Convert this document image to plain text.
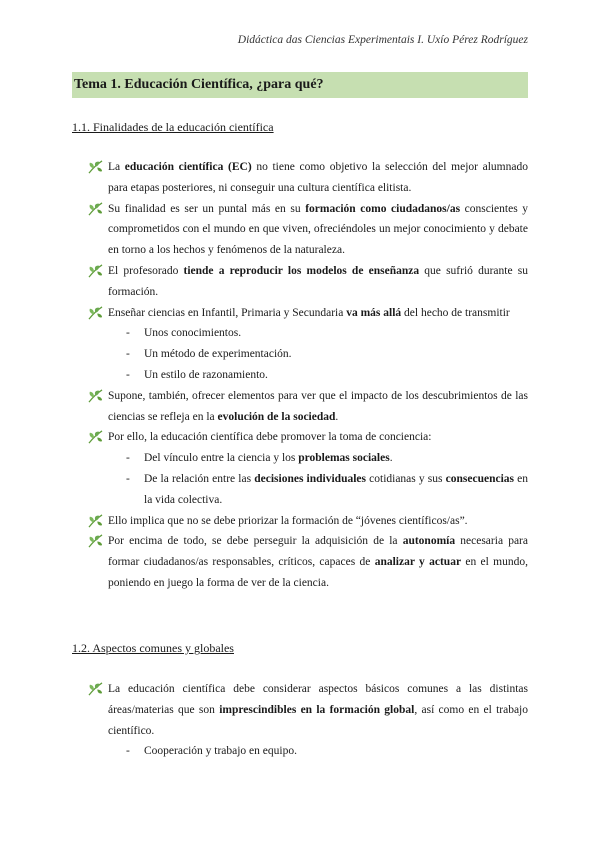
Didáctica das Ciencias Experimentais I. Uxío Pérez Rodríguez
Tema 1. Educación Científica, ¿para qué?
1.1. Finalidades de la educación científica
La educación científica (EC) no tiene como objetivo la selección del mejor alumnado para etapas posteriores, ni conseguir una cultura científica elitista.
Su finalidad es ser un puntal más en su formación como ciudadanos/as conscientes y comprometidos con el mundo en que viven, ofreciéndoles un mejor conocimiento y debate en torno a los hechos y fenómenos de la naturaleza.
El profesorado tiende a reproducir los modelos de enseñanza que sufrió durante su formación.
Enseñar ciencias en Infantil, Primaria y Secundaria va más allá del hecho de transmitir
- Unos conocimientos.
- Un método de experimentación.
- Un estilo de razonamiento.
Supone, también, ofrecer elementos para ver que el impacto de los descubrimientos de las ciencias se refleja en la evolución de la sociedad.
Por ello, la educación científica debe promover la toma de conciencia:
- Del vínculo entre la ciencia y los problemas sociales.
- De la relación entre las decisiones individuales cotidianas y sus consecuencias en la vida colectiva.
Ello implica que no se debe priorizar la formación de “jóvenes científicos/as”.
Por encima de todo, se debe perseguir la adquisición de la autonomía necesaria para formar ciudadanos/as responsables, críticos, capaces de analizar y actuar en el mundo, poniendo en juego la forma de ver de la ciencia.
1.2. Aspectos comunes y globales
La educación científica debe considerar aspectos básicos comunes a las distintas áreas/materias que son imprescindibles en la formación global, así como en el trabajo científico.
- Cooperación y trabajo en equipo.
